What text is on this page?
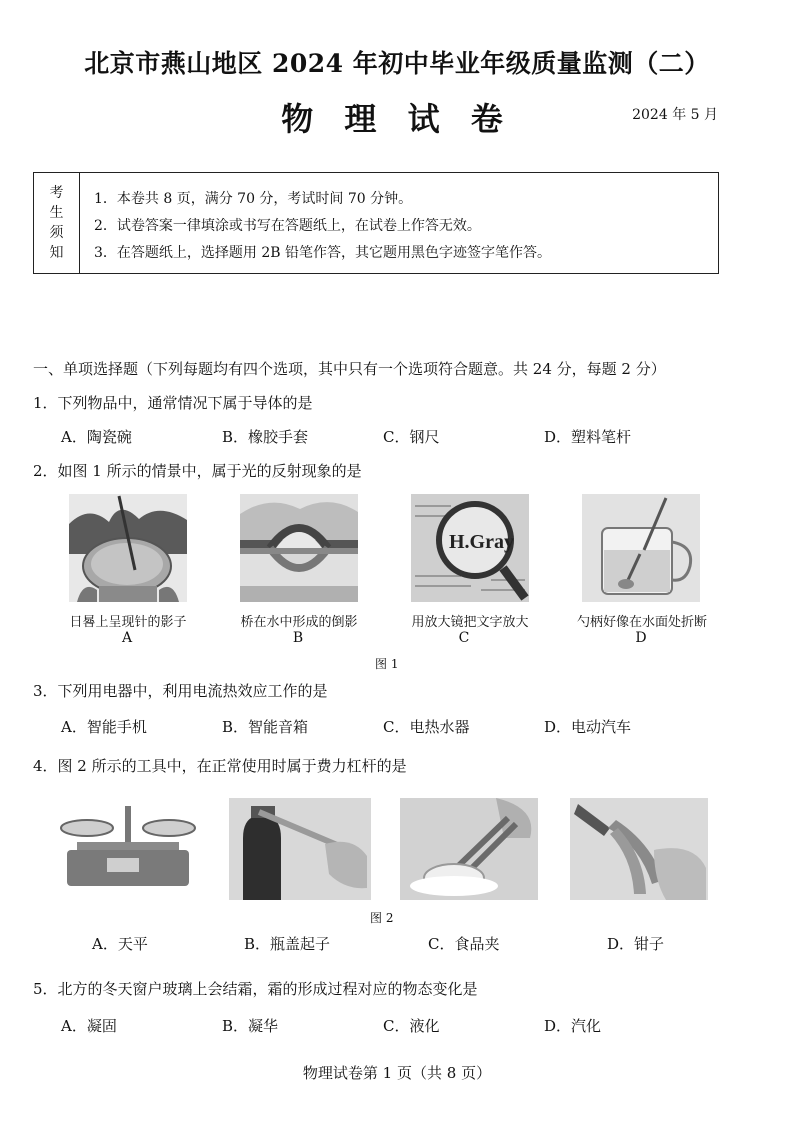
北京市燕山地区 2024 年初中毕业年级质量监测（二）
物 理 试 卷	2024 年 5 月
考
生
须
知
1．本卷共 8 页，满分 70 分，考试时间 70 分钟。
2．试卷答案一律填涂或书写在答题纸上，在试卷上作答无效。
3．在答题纸上，选择题用 2B 铅笔作答，其它题用黑色字迹签字笔作答。
一、单项选择题（下列每题均有四个选项，其中只有一个选项符合题意。共 24 分，每题 2 分）
1．下列物品中，通常情况下属于导体的是
A．陶瓷碗	B．橡胶手套	C．钢尺	D．塑料笔杆
2．如图 1 所示的情景中，属于光的反射现象的是
H.Gray
日晷上呈现针的影子	桥在水中形成的倒影	用放大镜把文字放大	勺柄好像在水面处折断
A	B	C	D
图 1
3．下列用电器中，利用电流热效应工作的是
A．智能手机	B．智能音箱	C．电热水器	D．电动汽车
4．图 2 所示的工具中，在正常使用时属于费力杠杆的是
图 2
A．天平	B．瓶盖起子	C．食品夹	D．钳子
5．北方的冬天窗户玻璃上会结霜，霜的形成过程对应的物态变化是
A．凝固	B．凝华	C．液化	D．汽化
物理试卷第 1 页（共 8 页）
